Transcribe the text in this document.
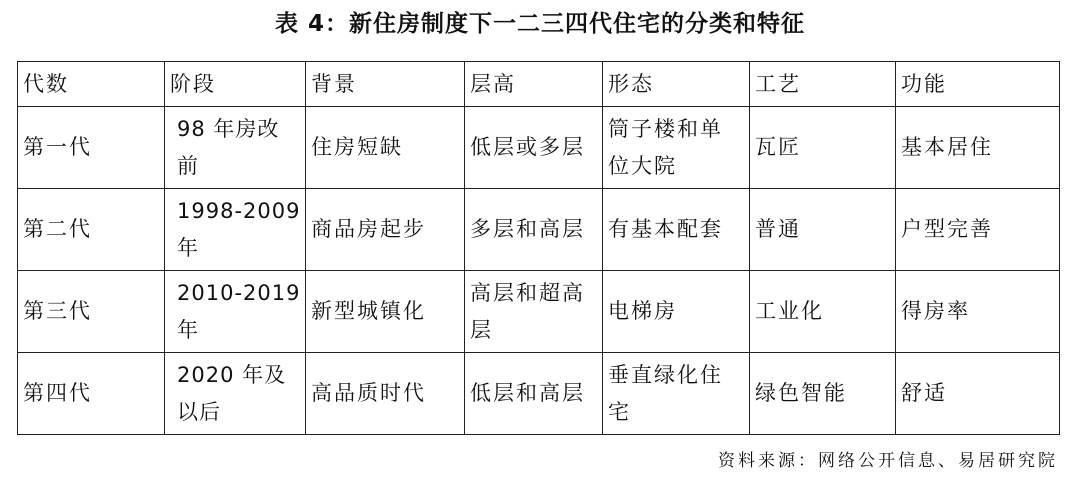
表 4：新住房制度下一二三四代住宅的分类和特征
代数	阶段	背景	层高	形态	工艺	功能
第一代	98 年房改前	住房短缺	低层或多层	筒子楼和单位大院	瓦匠	基本居住
第二代	1998-2009 年	商品房起步	多层和高层	有基本配套	普通	户型完善
第三代	2010-2019 年	新型城镇化	高层和超高层	电梯房	工业化	得房率
第四代	2020 年及以后	高品质时代	低层和高层	垂直绿化住宅	绿色智能	舒适
资料来源：网络公开信息、易居研究院
